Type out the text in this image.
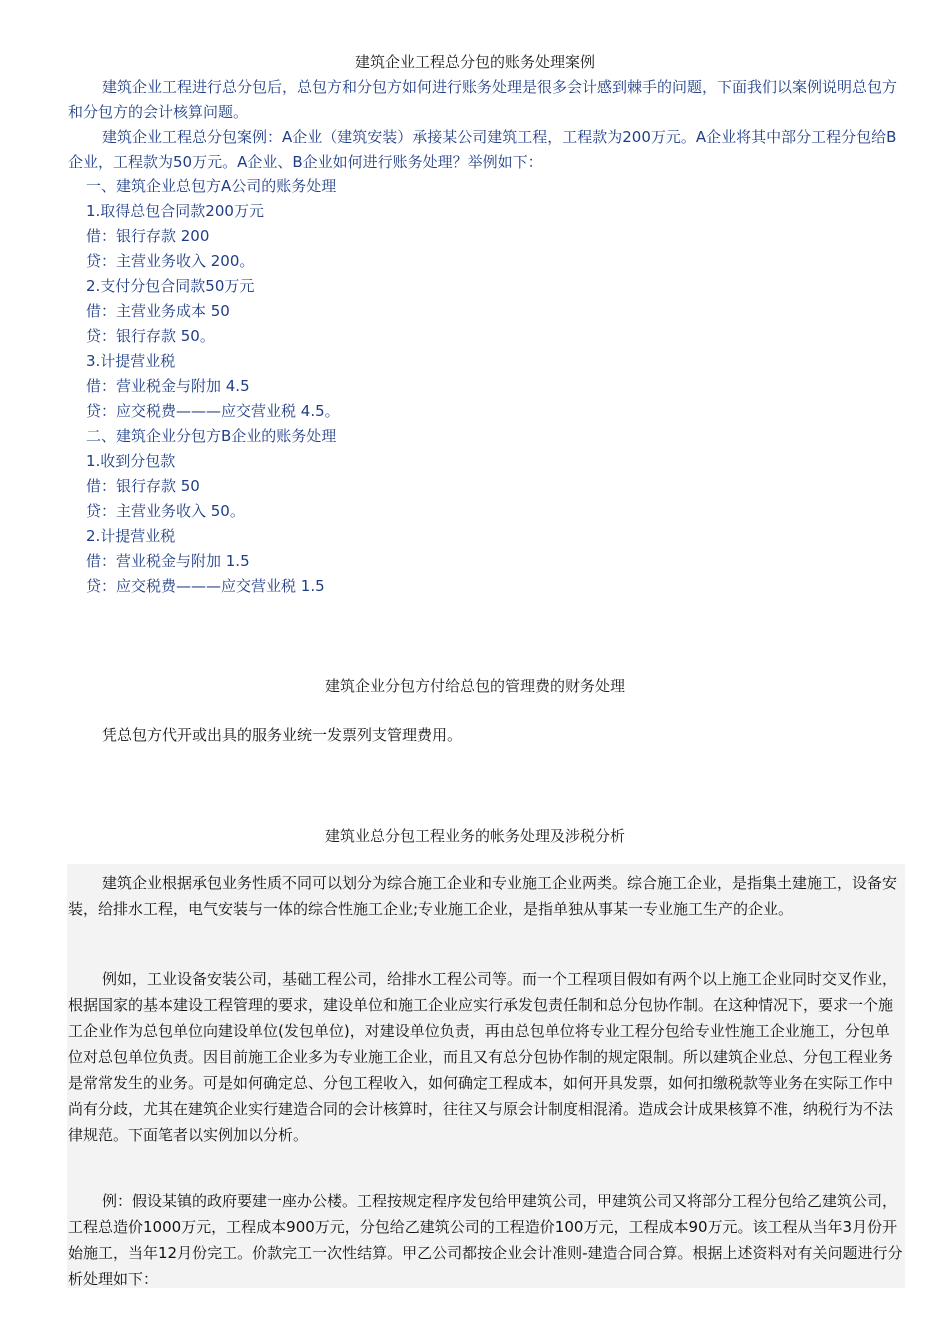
建筑企业工程总分包的账务处理案例
建筑企业工程进行总分包后，总包方和分包方如何进行账务处理是很多会计感到棘手的问题，下面我们以案例说明总包方和分包方的会计核算问题。
建筑企业工程总分包案例：A企业（建筑安装）承接某公司建筑工程，工程款为200万元。A企业将其中部分工程分包给B企业，工程款为50万元。A企业、B企业如何进行账务处理？举例如下：
一、建筑企业总包方A公司的账务处理
1.取得总包合同款200万元
借：银行存款 200
贷：主营业务收入 200。
2.支付分包合同款50万元
借：主营业务成本 50
贷：银行存款 50。
3.计提营业税
借：营业税金与附加 4.5
贷：应交税费———应交营业税 4.5。
二、建筑企业分包方B企业的账务处理
1.收到分包款
借：银行存款 50
贷：主营业务收入 50。
2.计提营业税
借：营业税金与附加 1.5
贷：应交税费———应交营业税 1.5
建筑企业分包方付给总包的管理费的财务处理
凭总包方代开或出具的服务业统一发票列支管理费用。
建筑业总分包工程业务的帐务处理及涉税分析
建筑企业根据承包业务性质不同可以划分为综合施工企业和专业施工企业两类。综合施工企业，是指集土建施工，设备安装，给排水工程，电气安装与一体的综合性施工企业;专业施工企业，是指单独从事某一专业施工生产的企业。
例如，工业设备安装公司，基础工程公司，给排水工程公司等。而一个工程项目假如有两个以上施工企业同时交叉作业，根据国家的基本建设工程管理的要求，建设单位和施工企业应实行承发包责任制和总分包协作制。在这种情况下，要求一个施工企业作为总包单位向建设单位(发包单位)，对建设单位负责，再由总包单位将专业工程分包给专业性施工企业施工，分包单位对总包单位负责。因目前施工企业多为专业施工企业，而且又有总分包协作制的规定限制。所以建筑企业总、分包工程业务是常常发生的业务。可是如何确定总、分包工程收入，如何确定工程成本，如何开具发票，如何扣缴税款等业务在实际工作中尚有分歧，尤其在建筑企业实行建造合同的会计核算时，往往又与原会计制度相混淆。造成会计成果核算不准，纳税行为不法律规范。下面笔者以实例加以分析。
例：假设某镇的政府要建一座办公楼。工程按规定程序发包给甲建筑公司，甲建筑公司又将部分工程分包给乙建筑公司，工程总造价1000万元，工程成本900万元，分包给乙建筑公司的工程造价100万元，工程成本90万元。该工程从当年3月份开始施工，当年12月份完工。价款完工一次性结算。甲乙公司都按企业会计准则-建造合同合算。根据上述资料对有关问题进行分析处理如下：
